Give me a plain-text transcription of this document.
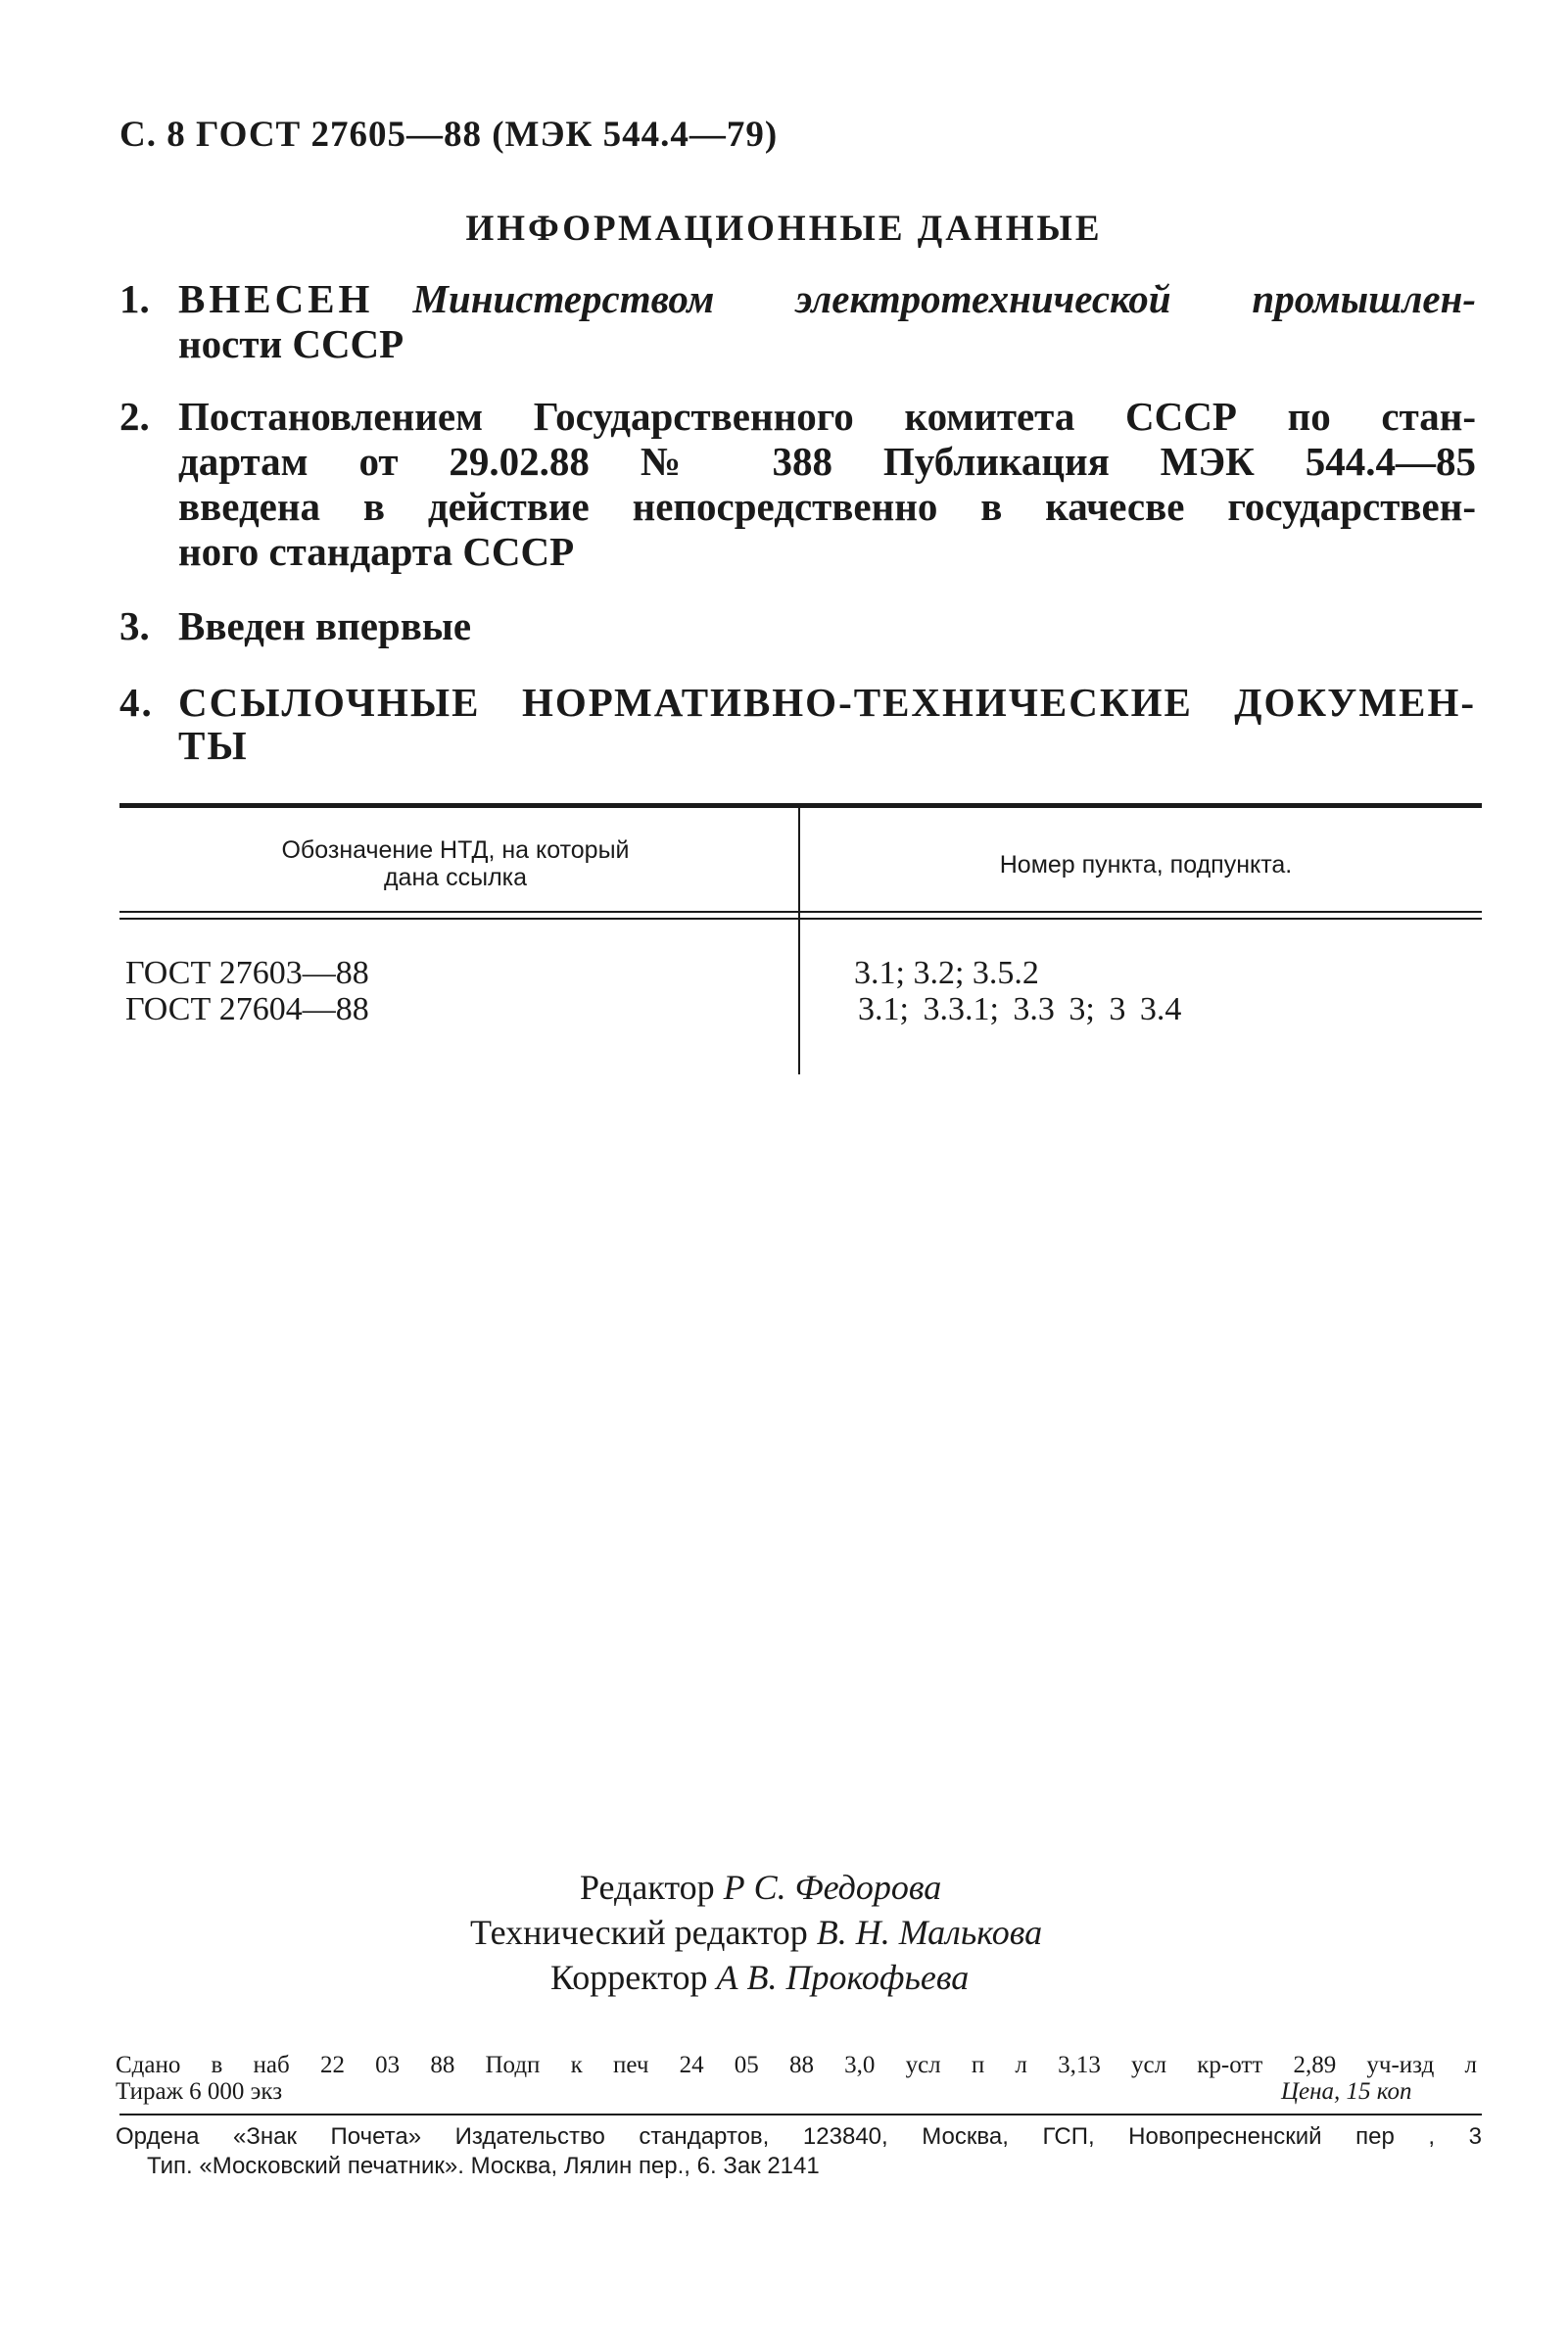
С. 8 ГОСТ 27605—88 (МЭК 544.4—79)
ИНФОРМАЦИОННЫЕ ДАННЫЕ
1. ВНЕСЕН Министерством электротехнической промышлен-
ности СССР
2. Постановлением Государственного комитета СССР по стан-
дартам от 29.02.88 № 388 Публикация МЭК 544.4—85
введена в действие непосредственно в качесве государствен-
ного стандарта СССР
3. Введен впервые
4. ССЫЛОЧНЫЕ НОРМАТИВНО-ТЕХНИЧЕСКИЕ ДОКУМЕН-
ТЫ
Обозначение НТД, на который
дана ссылка	Номер пункта, подпункта.
ГОСТ 27603—88	3.1; 3.2; 3.5.2
ГОСТ 27604—88	3.1; 3.3.1; 3.3 3; 3 3.4
Редактор Р С. Федорова
Технический редактор В. Н. Малькова
Корректор А В. Прокофьева
Сдано в наб 22 03 88 Подп к печ 24 05 88 3,0 усл п л 3,13 усл кр-отт 2,89 уч-изд л
Тираж 6 000 экз	Цена, 15 коп
Ордена «Знак Почета» Издательство стандартов, 123840, Москва, ГСП, Новопресненский пер , 3
Тип. «Московский печатник». Москва, Лялин пер., 6. Зак 2141
